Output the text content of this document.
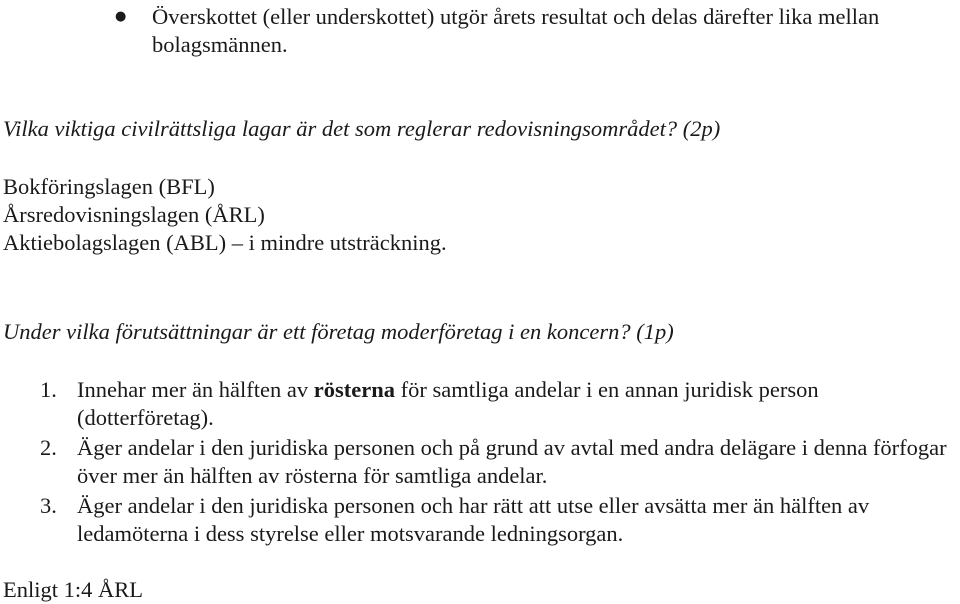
● Överskottet (eller underskottet) utgör årets resultat och delas därefter lika mellan bolagsmännen.
Vilka viktiga civilrättsliga lagar är det som reglerar redovisningsområdet? (2p)
Bokföringslagen (BFL)
Årsredovisningslagen (ÅRL)
Aktiebolagslagen (ABL) – i mindre utsträckning.
Under vilka förutsättningar är ett företag moderföretag i en koncern? (1p)
1. Innehar mer än hälften av rösterna för samtliga andelar i en annan juridisk person (dotterföretag).
2. Äger andelar i den juridiska personen och på grund av avtal med andra delägare i denna förfogar över mer än hälften av rösterna för samtliga andelar.
3. Äger andelar i den juridiska personen och har rätt att utse eller avsätta mer än hälften av ledamöterna i dess styrelse eller motsvarande ledningsorgan.
Enligt 1:4 ÅRL
